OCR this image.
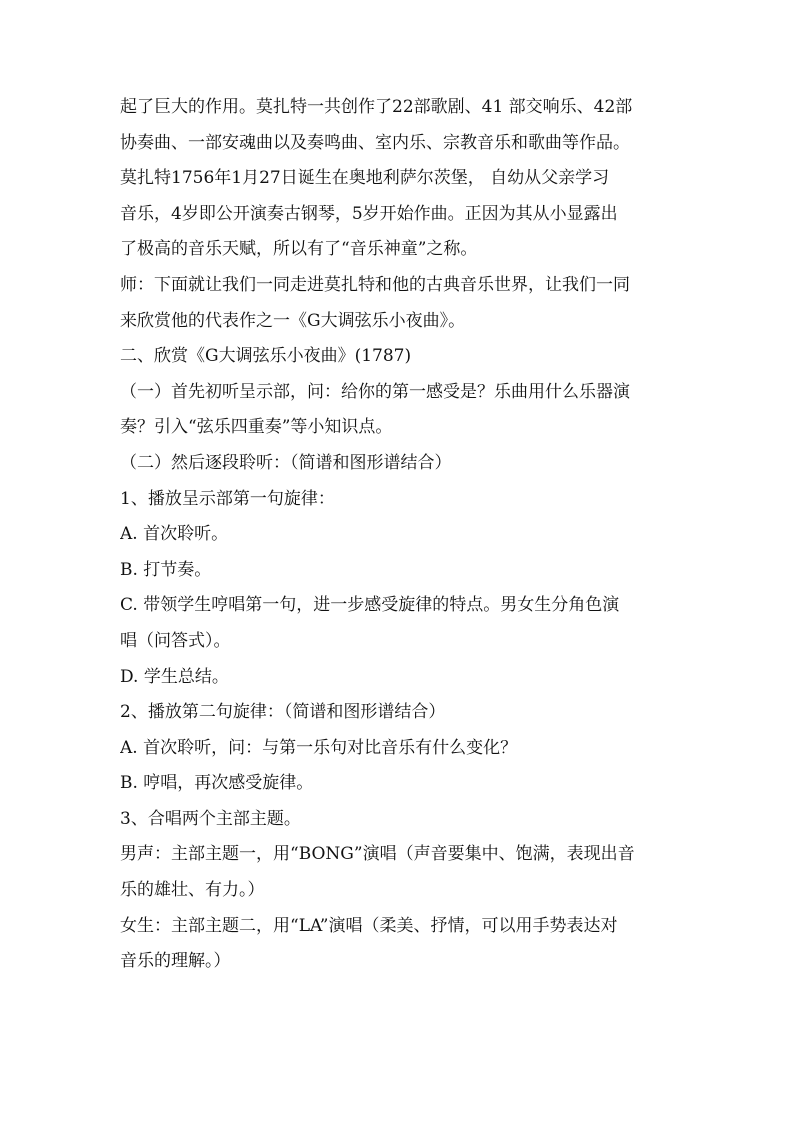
起了巨大的作用。莫扎特一共创作了22部歌剧、41 部交响乐、42部
协奏曲、一部安魂曲以及奏鸣曲、室内乐、宗教音乐和歌曲等作品。
莫扎特1756年1月27日诞生在奥地利萨尔茨堡， 自幼从父亲学习
音乐，4岁即公开演奏古钢琴，5岁开始作曲。正因为其从小显露出
了极高的音乐天赋，所以有了“音乐神童”之称。
师：下面就让我们一同走进莫扎特和他的古典音乐世界，让我们一同
来欣赏他的代表作之一《G大调弦乐小夜曲》。
二、欣赏《G大调弦乐小夜曲》(1787)
（一）首先初听呈示部，问：给你的第一感受是？乐曲用什么乐器演
奏？引入“弦乐四重奏”等小知识点。
（二）然后逐段聆听：（简谱和图形谱结合）
1、播放呈示部第一句旋律：
A. 首次聆听。
B. 打节奏。
C. 带领学生哼唱第一句，进一步感受旋律的特点。男女生分角色演
唱（问答式）。
D. 学生总结。
2、播放第二句旋律：（简谱和图形谱结合）
A. 首次聆听，问：与第一乐句对比音乐有什么变化？
B. 哼唱，再次感受旋律。
3、合唱两个主部主题。
男声：主部主题一，用“BONG”演唱（声音要集中、饱满，表现出音
乐的雄壮、有力。）
女生：主部主题二，用“LA”演唱（柔美、抒情，可以用手势表达对
音乐的理解。）
